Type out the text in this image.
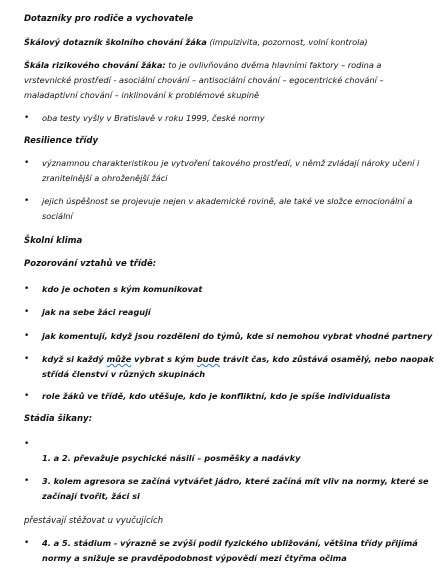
Dotazníky pro rodiče a vychovatele
Škálový dotazník školního chování žáka (impulzivita, pozornost, volní kontrola)
Škála rizikového chování žáka: to je ovlivňováno dvěma hlavními faktory – rodina a vrstevnické prostředí - asociální chování – antisociální chování – egocentrické chování – maladaptivní chování – inklinování k problémové skupině
• oba testy vyšly v Bratislavě v roku 1999, české normy
Resilience třídy
• významnou charakteristikou je vytvoření takového prostředí, v němž zvládají nároky učení i zranitelnější a ohroženější žáci
• jejich úspěšnost se projevuje nejen v akademické rovině, ale také ve složce emocionální a sociální
Školní klima
Pozorování vztahů ve třídě:
• kdo je ochoten s kým komunikovat
• jak na sebe žáci reagují
• jak komentují, když jsou rozděleni do týmů, kde si nemohou vybrat vhodné partnery
• když si každý může vybrat s kým bude trávit čas, kdo zůstává osamělý, nebo naopak střídá členství v různých skupinách
• role žáků ve třídě, kdo utěšuje, kdo je konfliktní, kdo je spíše individualista
Stádia šikany:
•
1. a 2. převažuje psychické násilí – posměšky a nadávky
• 3. kolem agresora se začíná vytvářet jádro, které začíná mít vliv na normy, které se začínají tvořit, žáci si
přestávají stěžovat u vyučujících
• 4. a 5. stádium - výrazně se zvýší podíl fyzického ubližování, většina třídy přijímá normy a snižuje se pravděpodobnost výpovědí mezi čtyřma očima
